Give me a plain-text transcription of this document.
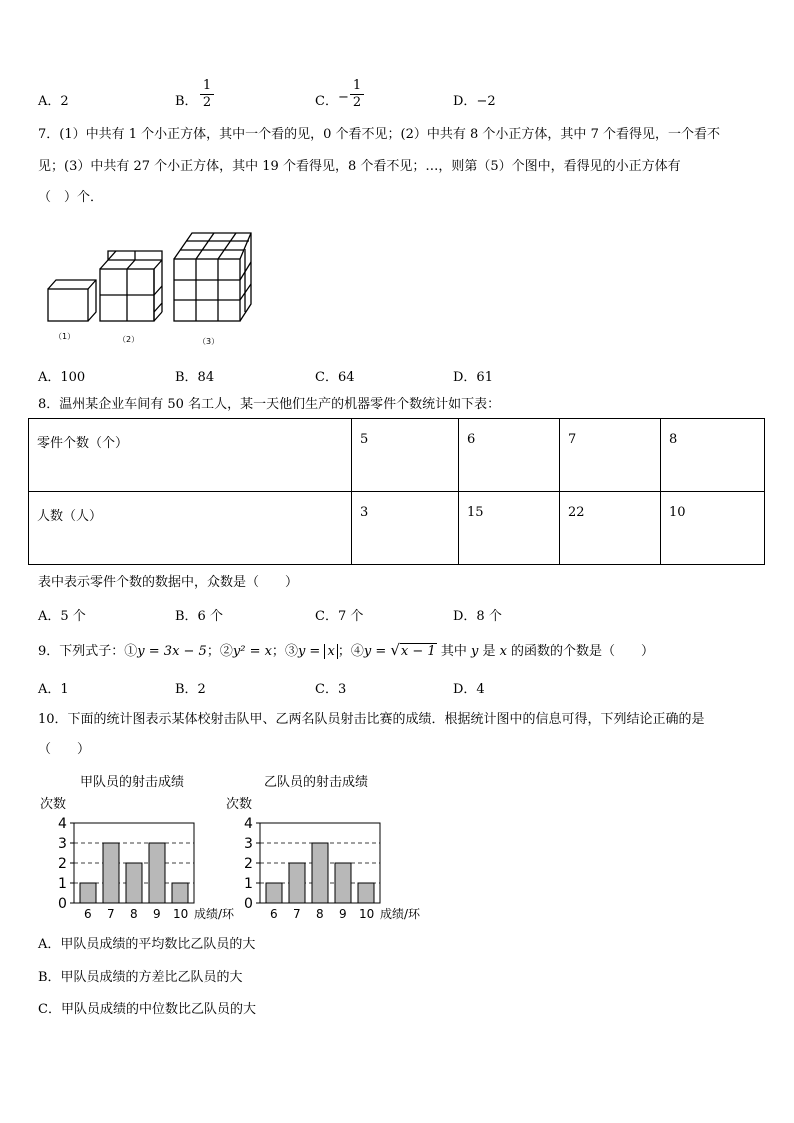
A．2	B． $\frac{1}{2}$	C． − $\frac{1}{2}$	D．−2
7．(1）中共有 1 个小正方体，其中一个看的见，0 个看不见；(2）中共有 8 个小正方体，其中 7 个看得见，一个看不
见；(3）中共有 27 个小正方体，其中 19 个看得见，8 个看不见；…，则第（5）个图中，看得见的小正方体有
（　）个．
（1）	（2）	（3）
A．100	B．84	C．64	D．61
8．温州某企业车间有 50 名工人，某一天他们生产的机器零件个数统计如下表：
零件个数（个）	5	6	7	8
人数（人）	3	15	22	10
表中表示零件个数的数据中，众数是（　　）
A．5 个	B．6 个	C．7 个	D．8 个
9．下列式子：①y = 3x − 5；②y² = x；③y = x ；④y = √x − 1 其中 y 是 x 的函数的个数是（　　）
A．1	B．2	C．3	D．4
10．下面的统计图表示某体校射击队甲、乙两名队员射击比赛的成绩．根据统计图中的信息可得，下列结论正确的是
（　　）
甲队员的射击成绩
次数
0
1
2
3
4
6 7 8 9 10 成绩/环
乙队员的射击成绩
次数
0
1
2
3
4
6 7 8 9 10 成绩/环
A．甲队员成绩的平均数比乙队员的大
B．甲队员成绩的方差比乙队员的大
C．甲队员成绩的中位数比乙队员的大
